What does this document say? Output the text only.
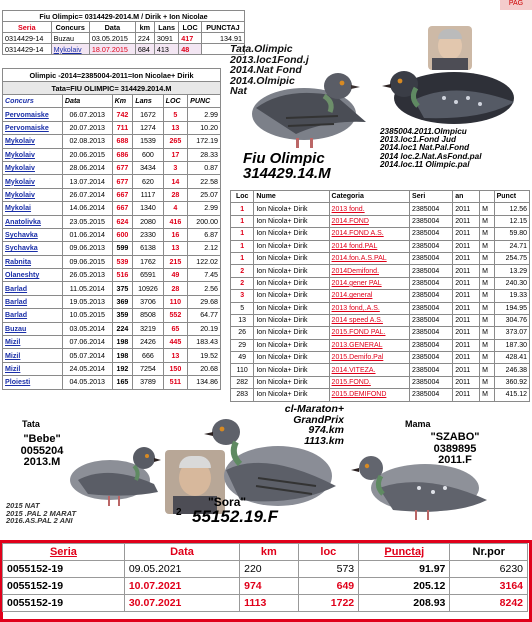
PAG
Fiu Olimpic= 0314429-2014.M / Dirik + Ion Nicolae						
Seria	Concurs	Data	km	Lans	LOC	PUNCTAJ
0314429-14	Buzau	03.05.2015	224	3091	417	134.91
0314429-14	Mykolaiv	18.07.2015	684	413	48	
Olimpic -2014=2385004-2011=Ion Nicolae+ Dirik					
Tata=FIU OLIMPIC= 314429.2014.M					
Concurs	Data	Km	Lans	LOC	PUNC
Pervomaiske	06.07.2013	742	1672	5	2.99
Pervomaiske	20.07.2013	711	1274	13	10.20
Mykolaiv	02.08.2013	688	1539	265	172.19
Mykolaiv	20.06.2015	686	600	17	28.33
Mykolaiv	28.06.2014	677	3434	3	0.87
Mykolaiv	13.07.2014	677	620	14	22.58
Mykolaiv	26.07.2014	667	1117	28	25.07
Mykolai	14.06.2014	667	1340	4	2.99
Anatolivka	23.05.2015	624	2080	416	200.00
Sychavka	01.06.2014	600	2330	16	6.87
Sychavka	09.06.2013	599	6138	13	2.12
Rabnita	09.06.2015	539	1762	215	122.02
Olaneshty	26.05.2013	516	6591	49	7.45
Barlad	11.05.2014	375	10926	28	2.56
Barlad	19.05.2013	369	3706	110	29.68
Barlad	10.05.2015	359	8508	552	64.77
Buzau	03.05.2014	224	3219	65	20.19
Mizil	07.06.2014	198	2426	445	183.43
Mizil	05.07.2014	198	666	13	19.52
Mizil	24.05.2014	192	7254	150	20.68
Ploiesti	04.05.2013	165	3789	511	134.86
Tata.Olimpic
2013.loc1Fond.j
2014.Nat Fond
2014.Olmipic
Nat
Fiu Olimpic
314429.14.M
2385004.2011.Olmpicu
2013.loc1.Fond Jud
2014.loc1 Nat.Pal.Fond
2014 loc.2.Nat.AsFond.pal
2014.loc.11 Olimpic.pal
Loc	Nume	Categoria	Seri	an		Punct
1	Ion Nicola+ Dirik	2013 fond.	2385004	2011	M	12.56
1	Ion Nicola+ Dirik	2014.FOND	2385004	2011	M	12.15
1	Ion Nicola+ Dirik	2014.FOND A.S.	2385004	2011	M	59.80
1	Ion Nicola+ Dirik	2014 fond.PAL	2385004	2011	M	24.71
1	Ion Nicola+ Dirik	2014.fon.A.S.PAL	2385004	2011	M	254.75
2	Ion Nicola+ Dirik	2014Demifond.	2385004	2011	M	13.29
2	Ion Nicola+ Dirik	2014.gener PAL	2385004	2011	M	240.30
3	Ion Nicola+ Dirik	2014.general	2385004	2011	M	19.33
5	Ion Nicola+ Dirik	2013 fond,.A.S.	2385004	2011	M	194.95
13	Ion Nicola+ Dirik	2014 speed A.S.	2385004	2011	M	304.76
26	Ion Nicola+ Dirik	2015.FOND PAL.	2385004	2011	M	373.07
29	Ion Nicola+ Dirik	2013.GENERAL	2385004	2011	M	187.30
49	Ion Nicola+ Dirik	2015.Demifo.Pal	2385004	2011	M	428.41
110	Ion Nicola+ Dirik	2014.VITEZA.	2385004	2011	M	246.38
282	Ion Nicola+ Dirik	2015.FOND.	2385004	2011	M	360.92
283	Ion Nicola+ Dirik	2015.DEMIFOND	2385004	2011	M	415.12
Tata
"Bebe"
0055204
2013.M
2015 NAT
2015 .PAL 2 MARAT
2016.AS.PAL 2 ANI
cl-Maraton+
GrandPrix
974.km
1113.km
"Sora"
2 55152.19.F
Mama
"SZABO"
0389895
2011.F
Seria	Data	km	loc	Punctaj	Nr.por
0055152-19	09.05.2021	220	573	91.97	6230
0055152-19	10.07.2021	974	649	205.12	3164
0055152-19	30.07.2021	1113	1722	208.93	8242
